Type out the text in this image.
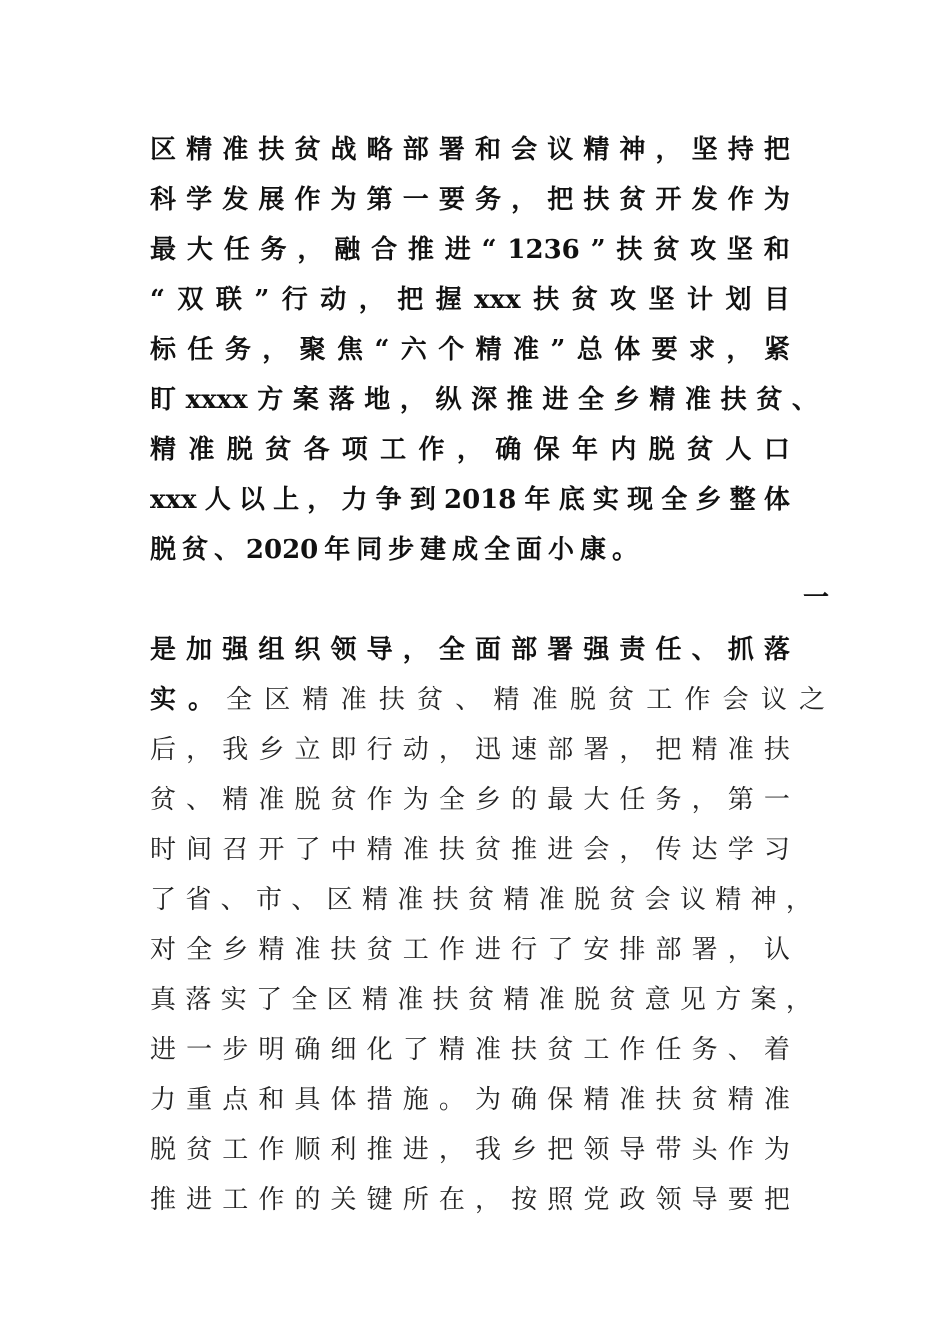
区 精 准 扶 贫 战 略 部 署 和 会 议 精 神 ， 坚 持 把
科 学 发 展 作 为 第 一 要 务 ， 把 扶 贫 开 发 作 为
最 大 任 务 ， 融 合 推 进 “ 1236 ” 扶 贫 攻 坚 和
“ 双 联 ” 行 动 ， 把 握 xxx 扶 贫 攻 坚 计 划 目
标 任 务 ， 聚 焦 “ 六 个 精 准 ” 总 体 要 求 ， 紧
盯 xxxx 方 案 落 地 ， 纵 深 推 进 全 乡 精 准 扶 贫 、
精 准 脱 贫 各 项 工 作 ， 确 保 年 内 脱 贫 人 口
xxx 人 以 上 ， 力 争 到 2018 年 底 实 现 全 乡 整 体
脱 贫 、 2020 年 同 步 建 成 全 面 小 康 。
一
是 加 强 组 织 领 导 ， 全 面 部 署 强 责 任 、 抓 落
实。 全区精准扶贫、精准脱贫工作会议之
后 ， 我 乡 立 即 行 动 ， 迅 速 部 署 ， 把 精 准 扶
贫 、 精 准 脱 贫 作 为 全 乡 的 最 大 任 务 ， 第 一
时 间 召 开 了 中 精 准 扶 贫 推 进 会 ， 传 达 学 习
了 省 、 市 、 区 精 准 扶 贫 精 准 脱 贫 会 议 精 神 ，
对 全 乡 精 准 扶 贫 工 作 进 行 了 安 排 部 署 ， 认
真 落 实 了 全 区 精 准 扶 贫 精 准 脱 贫 意 见 方 案 ，
进 一 步 明 确 细 化 了 精 准 扶 贫 工 作 任 务 、 着
力 重 点 和 具 体 措 施 。 为 确 保 精 准 扶 贫 精 准
脱 贫 工 作 顺 利 推 进 ， 我 乡 把 领 导 带 头 作 为
推 进 工 作 的 关 键 所 在 ， 按 照 党 政 领 导 要 把
